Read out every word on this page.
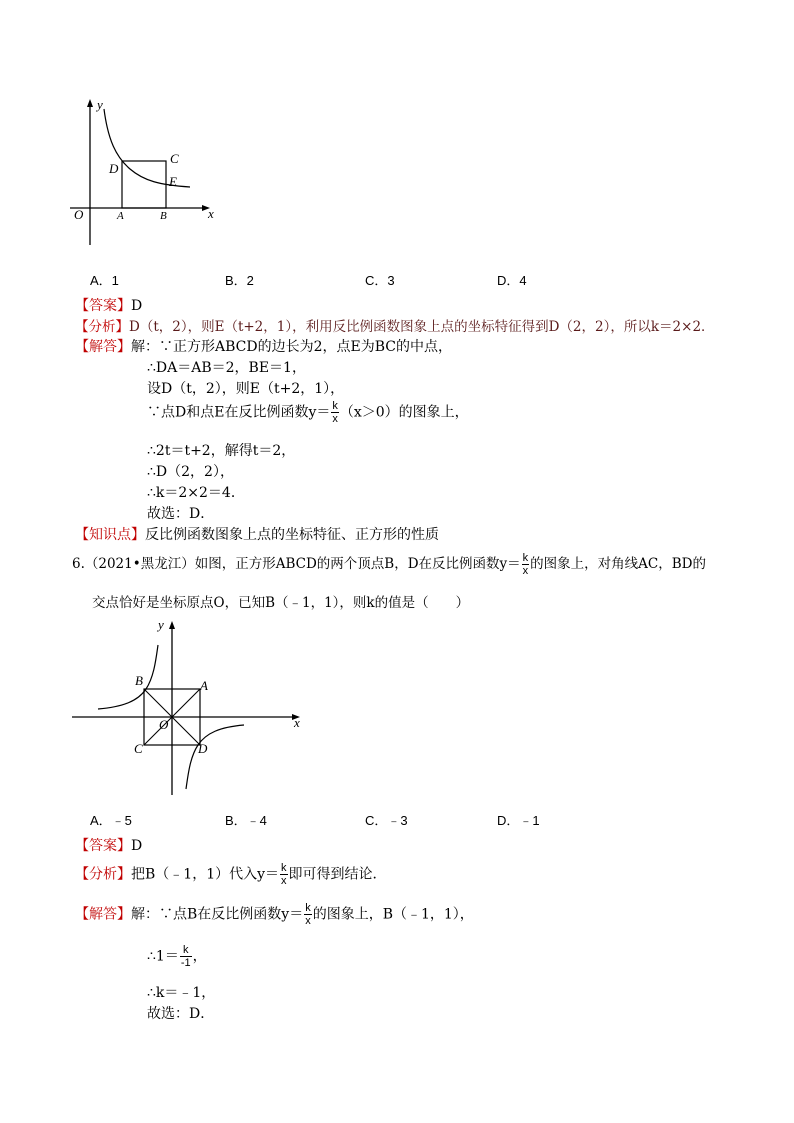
y
x
O	A	B
C
D
E
A．1	B．2	C．3	D．4
【答案】D
【分析】D（t，2），则E（t+2，1），利用反比例函数图象上点的坐标特征得到D（2，2），所以k＝2×2．
【解答】解：∵正方形ABCD的边长为2，点E为BC的中点，
∴DA＝AB＝2，BE＝1，
设D（t，2），则E（t+2，1），
∵点D和点E在反比例函数$y= \frac{k}{x} (x>0)$的图象上，
∴2t＝t+2，解得t＝2，
∴D（2，2），
∴k＝2×2＝4．
故选：D．
【知识点】反比例函数图象上点的坐标特征、正方形的性质
6.（2021•黑龙江）如图，正方形ABCD的两个顶点B，D在反比例函数$y= \frac{k}{x}$ 的图象上，对角线AC，BD的
交点恰好是坐标原点O，已知B（﹣1，1），则k的值是（　　）
y
x
O
A
B
C	D
A．﹣5	B．﹣4	C．﹣3	D．﹣1
【答案】D
【分析】把B（﹣1，1）代入$y= \frac{k}{x}$ 即可得到结论．
【解答】解：∵点B在反比例函数$y= \frac{k}{x}$ 的图象上，B（﹣1，1），
∴1＝ $\frac{k}{-1}$ ，
∴k＝﹣1，
故选：D．
